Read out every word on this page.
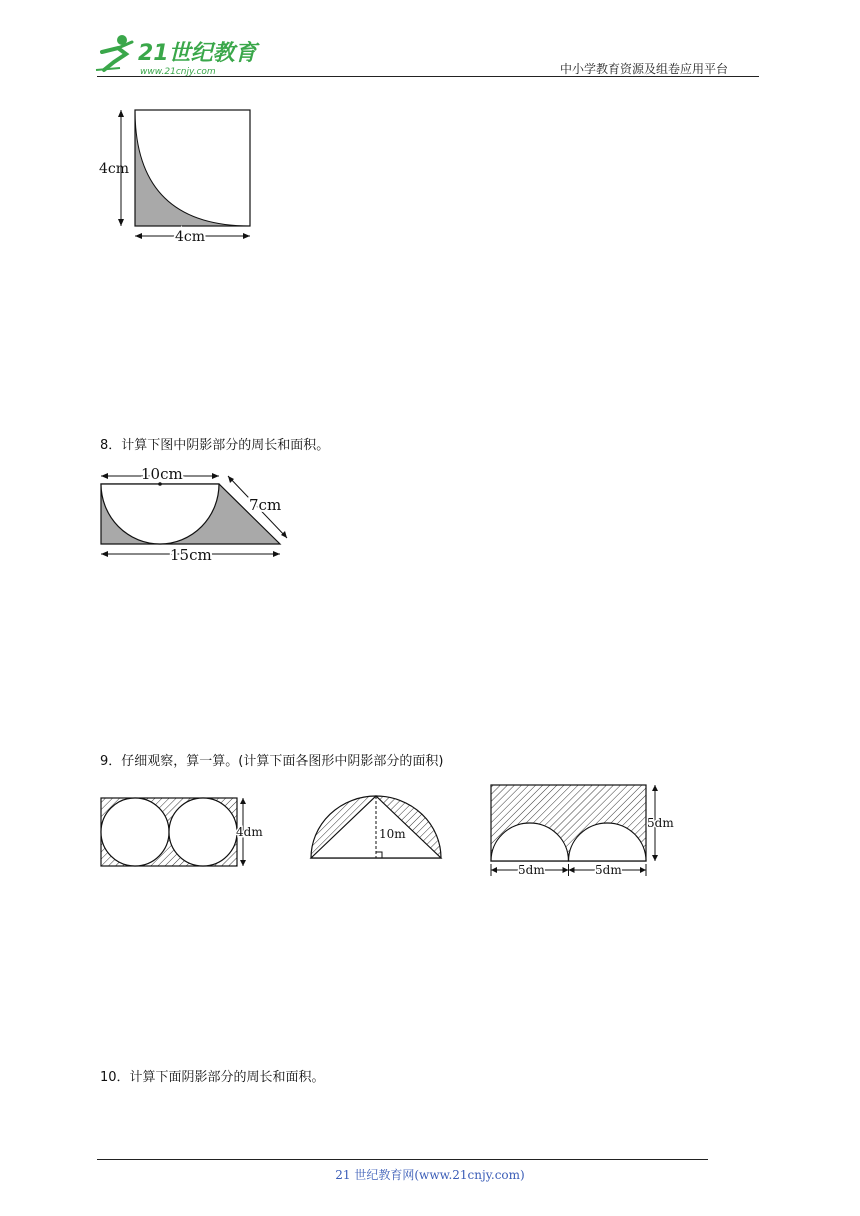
21世纪教育
www.21cnjy.com	中小学教育资源及组卷应用平台
4cm
4cm
8．计算下图中阴影部分的周长和面积。
10cm
7cm
15cm
9．仔细观察，算一算。(计算下面各图形中阴影部分的面积)
4dm	10m
5dm
5dm	5dm
10．计算下面阴影部分的周长和面积。
21 世纪教育网(www.21cnjy.com)
